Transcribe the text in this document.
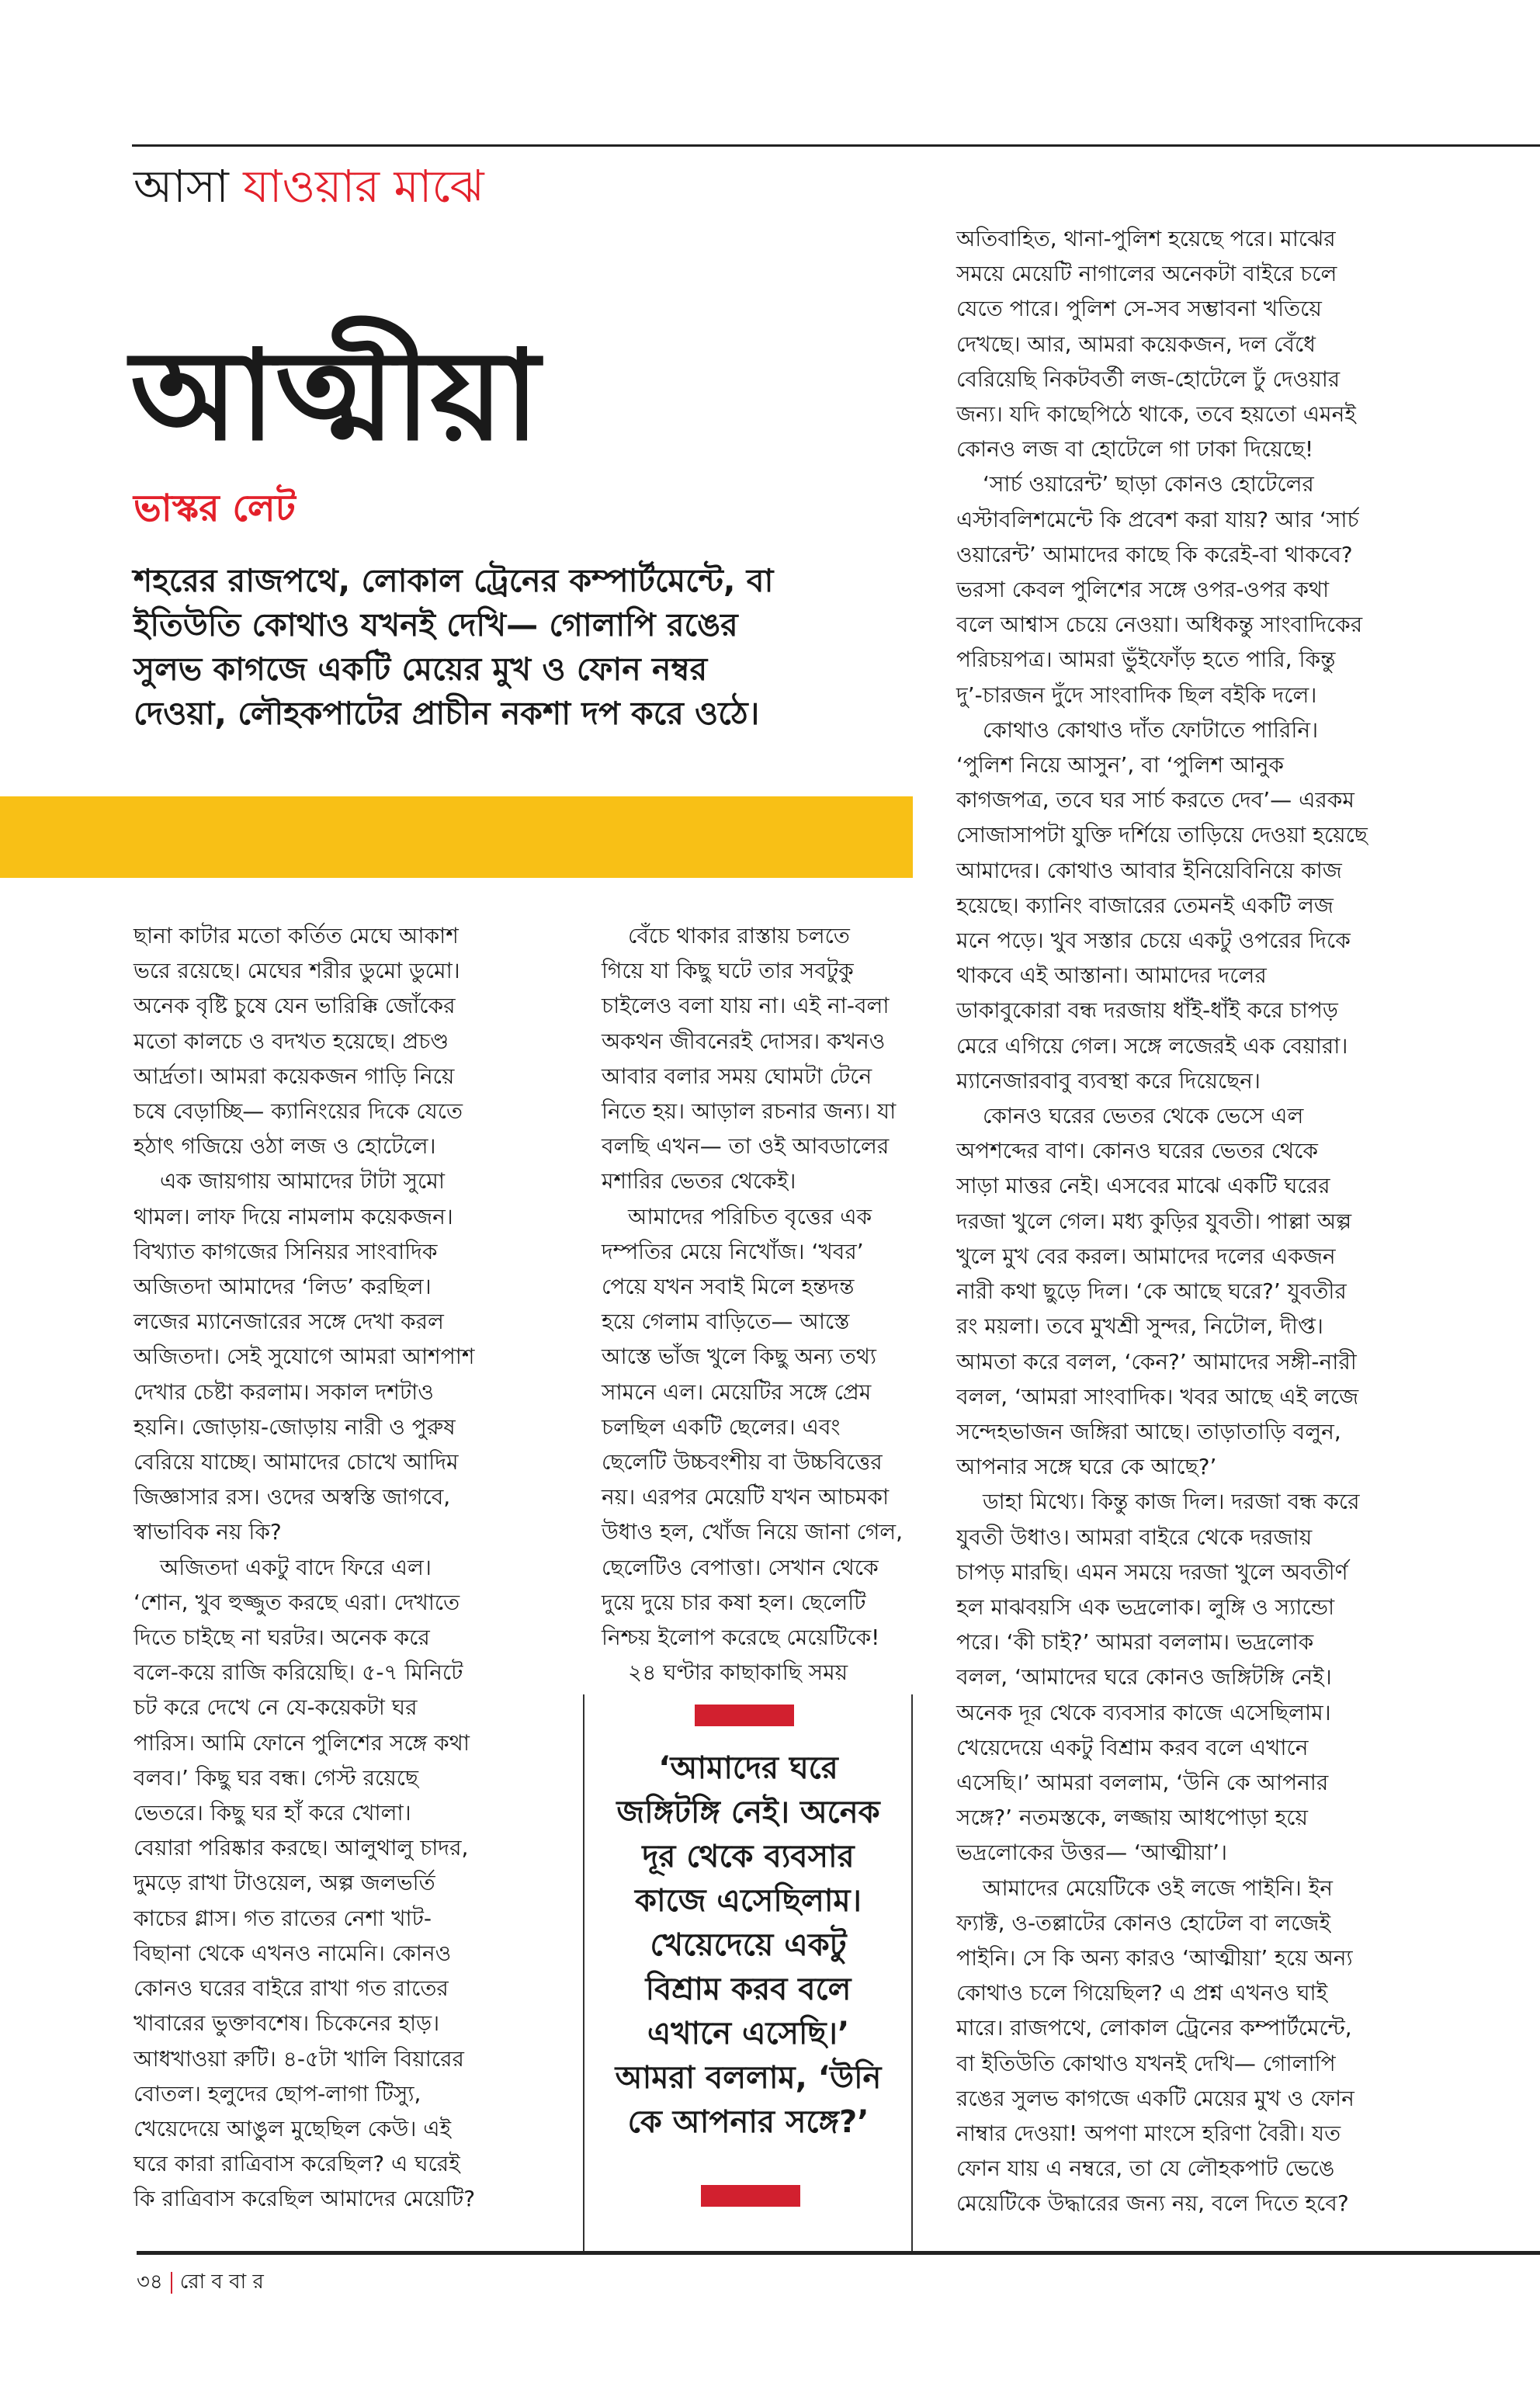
আসা যাওয়ার মাঝে
আত্মীয়া
ভাস্কর লেট
শহরের রাজপথে, লোকাল ট্রেনের কম্পার্টমেন্টে, বা
ইতিউতি কোথাও যখনই দেখি— গোলাপি রঙের
সুলভ কাগজে একটি মেয়ের মুখ ও ফোন নম্বর
দেওয়া, লৌহকপাটের প্রাচীন নকশা দপ করে ওঠে।
ছানা কাটার মতো কর্তিত মেঘে আকাশ
ভরে রয়েছে। মেঘের শরীর ডুমো ডুমো।
অনেক বৃষ্টি চুষে যেন ভারিক্কি জোঁকের
মতো কালচে ও বদখত হয়েছে। প্রচণ্ড
আর্দ্রতা। আমরা কয়েকজন গাড়ি নিয়ে
চষে বেড়াচ্ছি— ক্যানিংয়ের দিকে যেতে
হঠাৎ গজিয়ে ওঠা লজ ও হোটেলে।
এক জায়গায় আমাদের টাটা সুমো
থামল। লাফ দিয়ে নামলাম কয়েকজন।
বিখ্যাত কাগজের সিনিয়র সাংবাদিক
অজিতদা আমাদের ‘লিড’ করছিল।
লজের ম্যানেজারের সঙ্গে দেখা করল
অজিতদা। সেই সুযোগে আমরা আশপাশ
দেখার চেষ্টা করলাম। সকাল দশটাও
হয়নি। জোড়ায়-জোড়ায় নারী ও পুরুষ
বেরিয়ে যাচ্ছে। আমাদের চোখে আদিম
জিজ্ঞাসার রস। ওদের অস্বস্তি জাগবে,
স্বাভাবিক নয় কি?
অজিতদা একটু বাদে ফিরে এল।
‘শোন, খুব হুজ্জুত করছে এরা। দেখাতে
দিতে চাইছে না ঘরটর। অনেক করে
বলে-কয়ে রাজি করিয়েছি। ৫-৭ মিনিটে
চট করে দেখে নে যে-কয়েকটা ঘর
পারিস। আমি ফোনে পুলিশের সঙ্গে কথা
বলব।’ কিছু ঘর বন্ধ। গেস্ট রয়েছে
ভেতরে। কিছু ঘর হাঁ করে খোলা।
বেয়ারা পরিষ্কার করছে। আলুথালু চাদর,
দুমড়ে রাখা টাওয়েল, অল্প জলভর্তি
কাচের গ্লাস। গত রাতের নেশা খাট-
বিছানা থেকে এখনও নামেনি। কোনও
কোনও ঘরের বাইরে রাখা গত রাতের
খাবারের ভুক্তাবশেষ। চিকেনের হাড়।
আধখাওয়া রুটি। ৪-৫টা খালি বিয়ারের
বোতল। হলুদের ছোপ-লাগা টিস্যু,
খেয়েদেয়ে আঙুল মুছেছিল কেউ। এই
ঘরে কারা রাত্রিবাস করেছিল? এ ঘরেই
কি রাত্রিবাস করেছিল আমাদের মেয়েটি?
বেঁচে থাকার রাস্তায় চলতে
গিয়ে যা কিছু ঘটে তার সবটুকু
চাইলেও বলা যায় না। এই না-বলা
অকথন জীবনেরই দোসর। কখনও
আবার বলার সময় ঘোমটা টেনে
নিতে হয়। আড়াল রচনার জন্য। যা
বলছি এখন— তা ওই আবডালের
মশারির ভেতর থেকেই।
আমাদের পরিচিত বৃত্তের এক
দম্পতির মেয়ে নিখোঁজ। ‘খবর’
পেয়ে যখন সবাই মিলে হন্তদন্ত
হয়ে গেলাম বাড়িতে— আস্তে
আস্তে ভাঁজ খুলে কিছু অন্য তথ্য
সামনে এল। মেয়েটির সঙ্গে প্রেম
চলছিল একটি ছেলের। এবং
ছেলেটি উচ্চবংশীয় বা উচ্চবিত্তের
নয়। এরপর মেয়েটি যখন আচমকা
উধাও হল, খোঁজ নিয়ে জানা গেল,
ছেলেটিও বেপাত্তা। সেখান থেকে
দুয়ে দুয়ে চার কষা হল। ছেলেটি
নিশ্চয় ইলোপ করেছে মেয়েটিকে!
২৪ ঘণ্টার কাছাকাছি সময়
অতিবাহিত, থানা-পুলিশ হয়েছে পরে। মাঝের
সময়ে মেয়েটি নাগালের অনেকটা বাইরে চলে
যেতে পারে। পুলিশ সে-সব সম্ভাবনা খতিয়ে
দেখছে। আর, আমরা কয়েকজন, দল বেঁধে
বেরিয়েছি নিকটবর্তী লজ-হোটেলে ঢুঁ দেওয়ার
জন্য। যদি কাছেপিঠে থাকে, তবে হয়তো এমনই
কোনও লজ বা হোটেলে গা ঢাকা দিয়েছে!
‘সার্চ ওয়ারেন্ট’ ছাড়া কোনও হোটেলের
এস্টাবলিশমেন্টে কি প্রবেশ করা যায়? আর ‘সার্চ
ওয়ারেন্ট’ আমাদের কাছে কি করেই-বা থাকবে?
ভরসা কেবল পুলিশের সঙ্গে ওপর-ওপর কথা
বলে আশ্বাস চেয়ে নেওয়া। অধিকন্তু সাংবাদিকের
পরিচয়পত্র। আমরা ভুঁইফোঁড় হতে পারি, কিন্তু
দু’-চারজন দুঁদে সাংবাদিক ছিল বইকি দলে।
কোথাও কোথাও দাঁত ফোটাতে পারিনি।
‘পুলিশ নিয়ে আসুন’, বা ‘পুলিশ আনুক
কাগজপত্র, তবে ঘর সার্চ করতে দেব’— এরকম
সোজাসাপটা যুক্তি দর্শিয়ে তাড়িয়ে দেওয়া হয়েছে
আমাদের। কোথাও আবার ইনিয়েবিনিয়ে কাজ
হয়েছে। ক্যানিং বাজারের তেমনই একটি লজ
মনে পড়ে। খুব সস্তার চেয়ে একটু ওপরের দিকে
থাকবে এই আস্তানা। আমাদের দলের
ডাকাবুকোরা বন্ধ দরজায় ধাঁই-ধাঁই করে চাপড়
মেরে এগিয়ে গেল। সঙ্গে লজেরই এক বেয়ারা।
ম্যানেজারবাবু ব্যবস্থা করে দিয়েছেন।
কোনও ঘরের ভেতর থেকে ভেসে এল
অপশব্দের বাণ। কোনও ঘরের ভেতর থেকে
সাড়া মাত্তর নেই। এসবের মাঝে একটি ঘরের
দরজা খুলে গেল। মধ্য কুড়ির যুবতী। পাল্লা অল্প
খুলে মুখ বের করল। আমাদের দলের একজন
নারী কথা ছুড়ে দিল। ‘কে আছে ঘরে?’ যুবতীর
রং ময়লা। তবে মুখশ্রী সুন্দর, নিটোল, দীপ্ত।
আমতা করে বলল, ‘কেন?’ আমাদের সঙ্গী-নারী
বলল, ‘আমরা সাংবাদিক। খবর আছে এই লজে
সন্দেহভাজন জঙ্গিরা আছে। তাড়াতাড়ি বলুন,
আপনার সঙ্গে ঘরে কে আছে?’
ডাহা মিথ্যে। কিন্তু কাজ দিল। দরজা বন্ধ করে
যুবতী উধাও। আমরা বাইরে থেকে দরজায়
চাপড় মারছি। এমন সময়ে দরজা খুলে অবতীর্ণ
হল মাঝবয়সি এক ভদ্রলোক। লুঙ্গি ও স্যান্ডো
পরে। ‘কী চাই?’ আমরা বললাম। ভদ্রলোক
বলল, ‘আমাদের ঘরে কোনও জঙ্গিটঙ্গি নেই।
অনেক দূর থেকে ব্যবসার কাজে এসেছিলাম।
খেয়েদেয়ে একটু বিশ্রাম করব বলে এখানে
এসেছি।’ আমরা বললাম, ‘উনি কে আপনার
সঙ্গে?’ নতমস্তকে, লজ্জায় আধপোড়া হয়ে
ভদ্রলোকের উত্তর— ‘আত্মীয়া’।
আমাদের মেয়েটিকে ওই লজে পাইনি। ইন
ফ্যাক্ট, ও-তল্লাটের কোনও হোটেল বা লজেই
পাইনি। সে কি অন্য কারও ‘আত্মীয়া’ হয়ে অন্য
কোথাও চলে গিয়েছিল? এ প্রশ্ন এখনও ঘাই
মারে। রাজপথে, লোকাল ট্রেনের কম্পার্টমেন্টে,
বা ইতিউতি কোথাও যখনই দেখি— গোলাপি
রঙের সুলভ কাগজে একটি মেয়ের মুখ ও ফোন
নাম্বার দেওয়া! অপণা মাংসে হরিণা বৈরী। যত
ফোন যায় এ নম্বরে, তা যে লৌহকপাট ভেঙে
মেয়েটিকে উদ্ধারের জন্য নয়, বলে দিতে হবে?
‘আমাদের ঘরে
জঙ্গিটঙ্গি নেই। অনেক
দূর থেকে ব্যবসার
কাজে এসেছিলাম।
খেয়েদেয়ে একটু
বিশ্রাম করব বলে
এখানে এসেছি।’
আমরা বললাম, ‘উনি
কে আপনার সঙ্গে?’
৩৪ রো ব বা র
